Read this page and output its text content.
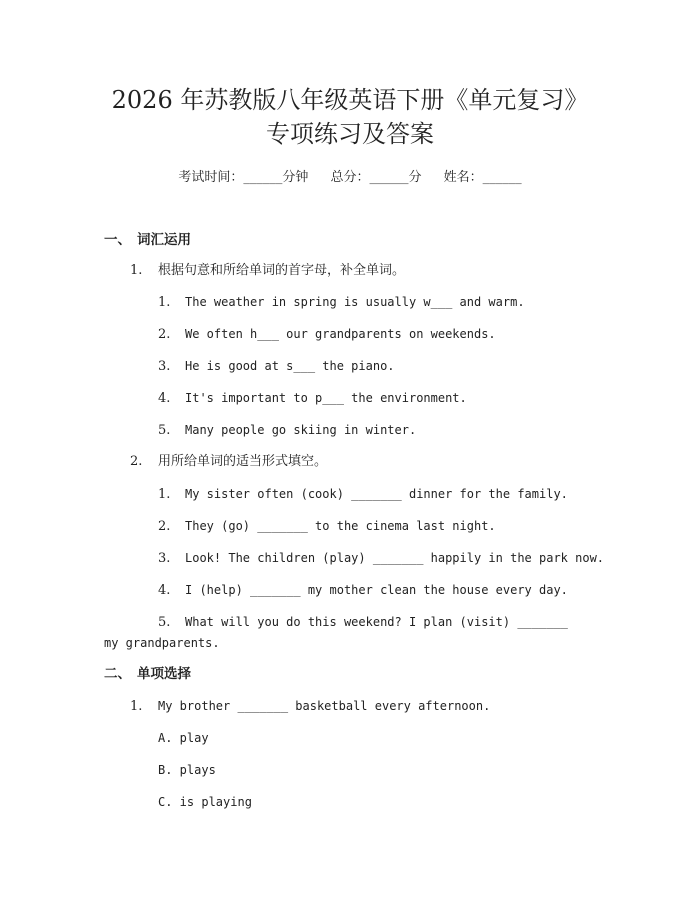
2026 年苏教版八年级英语下册《单元复习》
专项练习及答案
考试时间：______分钟 总分：______分 姓名：______
一、 词汇运用
1. 根据句意和所给单词的首字母，补全单词。
1. The weather in spring is usually w___ and warm.
2. We often h___ our grandparents on weekends.
3. He is good at s___ the piano.
4. It's important to p___ the environment.
5. Many people go skiing in winter.
2. 用所给单词的适当形式填空。
1. My sister often (cook) _______ dinner for the family.
2. They (go) _______ to the cinema last night.
3. Look! The children (play) _______ happily in the park now.
4. I (help) _______ my mother clean the house every day.
5. What will you do this weekend? I plan (visit) _______ my grandparents.
二、 单项选择
1. My brother _______ basketball every afternoon.
A. play
B. plays
C. is playing
